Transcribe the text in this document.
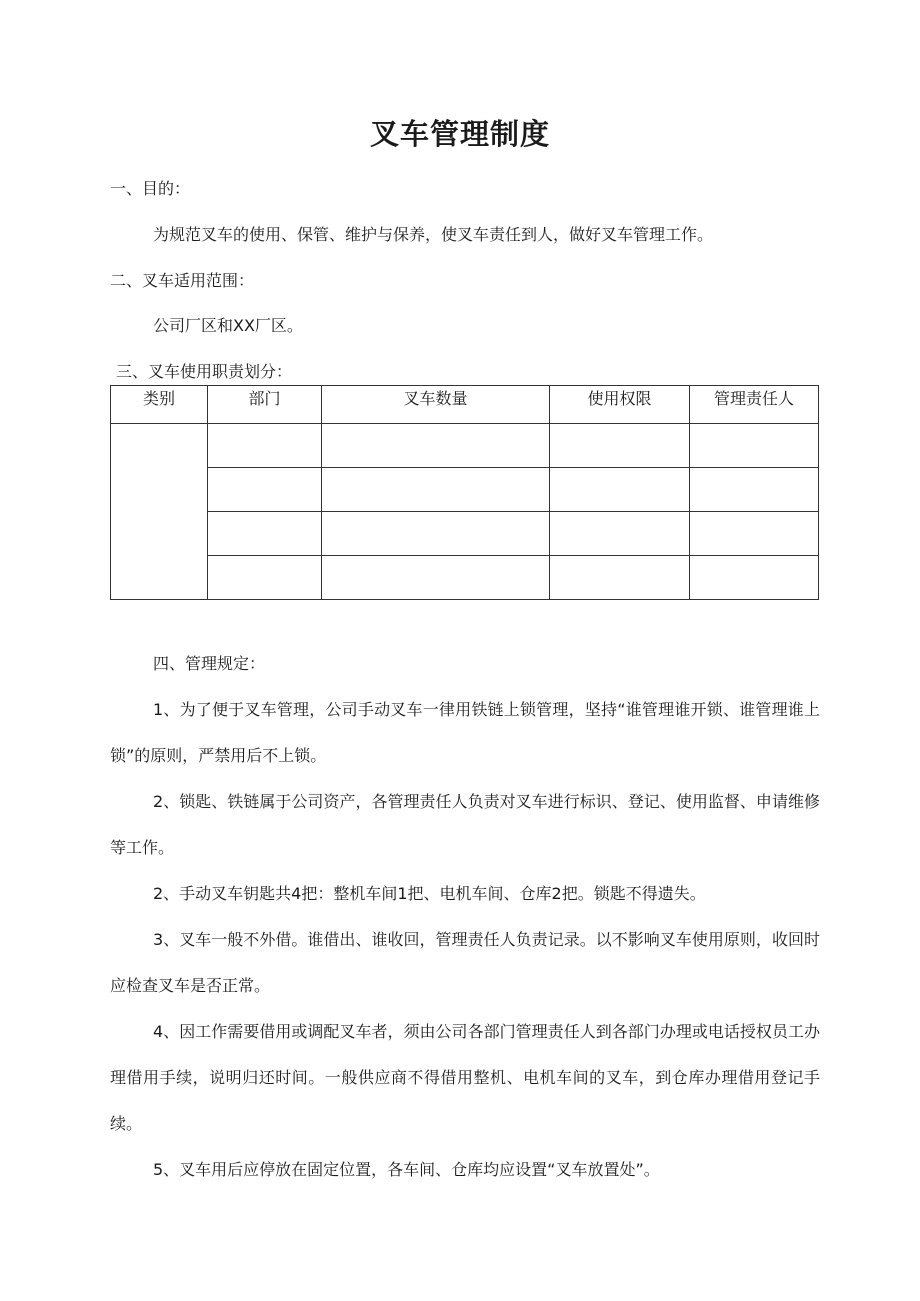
叉车管理制度

一、目的：

为规范叉车的使用、保管、维护与保养，使叉车责任到人，做好叉车管理工作。

二、叉车适用范围：

公司厂区和XX厂区。

三、叉车使用职责划分：

类别	部门	叉车数量	使用权限	管理责任人

四、管理规定：

1、为了便于叉车管理，公司手动叉车一律用铁链上锁管理，坚持“谁管理谁开锁、谁管理谁上锁”的原则，严禁用后不上锁。

2、锁匙、铁链属于公司资产，各管理责任人负责对叉车进行标识、登记、使用监督、申请维修等工作。

2、手动叉车钥匙共4把：整机车间1把、电机车间、仓库2把。锁匙不得遗失。

3、叉车一般不外借。谁借出、谁收回，管理责任人负责记录。以不影响叉车使用原则，收回时应检查叉车是否正常。

4、因工作需要借用或调配叉车者，须由公司各部门管理责任人到各部门办理或电话授权员工办理借用手续，说明归还时间。一般供应商不得借用整机、电机车间的叉车，到仓库办理借用登记手续。

5、叉车用后应停放在固定位置，各车间、仓库均应设置“叉车放置处”。
